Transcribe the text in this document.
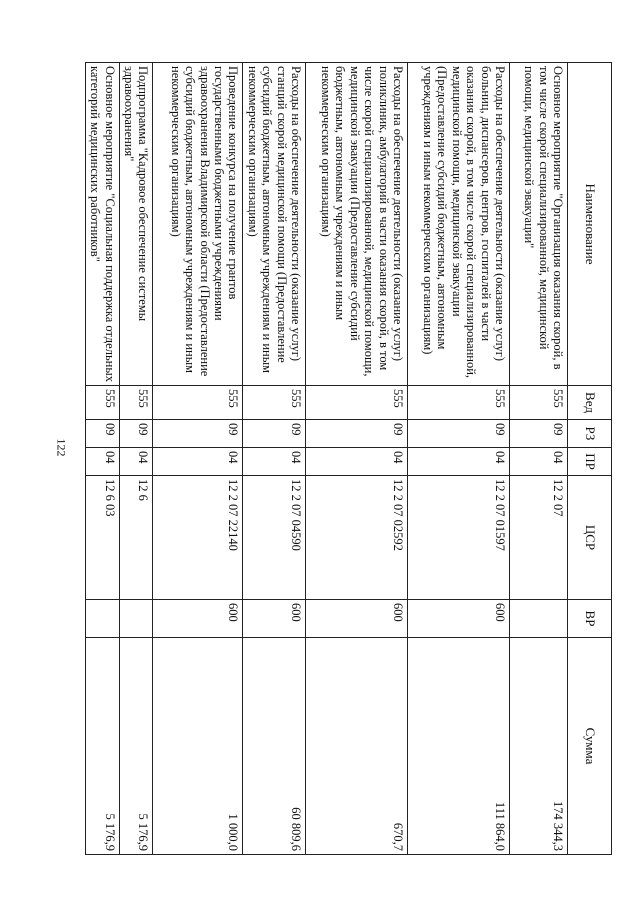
122
Наименование	Вед	РЗ	ПР	ЦСР	ВР	Сумма
Основное мероприятие "Организация оказания скорой, в том числе скорой специализированной, медицинской помощи, медицинской эвакуации"	555	09	04	12 2 07		174 344,3
Расходы на обеспечение деятельности (оказание услуг) больниц, диспансеров, центров, госпиталей в части оказания скорой, в том числе скорой специализированной, медицинской помощи, медицинской эвакуации (Предоставление субсидий бюджетным, автономным учреждениям и иным некоммерческим организациям)	555	09	04	12 2 07 01597	600	111 864,0
Расходы на обеспечение деятельности (оказание услуг) поликлиник, амбулаторий в части оказания скорой, в том числе скорой специализированной, медицинской помощи, медицинской эвакуации (Предоставление субсидий бюджетным, автономным учреждениям и иным некоммерческим организациям)	555	09	04	12 2 07 02592	600	670,7
Расходы на обеспечение деятельности (оказание услуг) станций скорой медицинской помощи (Предоставление субсидий бюджетным, автономным учреждениям и иным некоммерческим организациям)	555	09	04	12 2 07 04590	600	60 809,6
Проведение конкурса на получение грантов государственными бюджетными учреждениями здравоохранения Владимирской области (Предоставление субсидий бюджетным, автономным учреждениям и иным некоммерческим организациям)	555	09	04	12 2 07 22140	600	1 000,0
Подпрограмма "Кадровое обеспечение системы здравоохранения"	555	09	04	12 6		5 176,9
Основное мероприятие "Социальная поддержка отдельных категорий медицинских работников"	555	09	04	12 6 03		5 176,9
